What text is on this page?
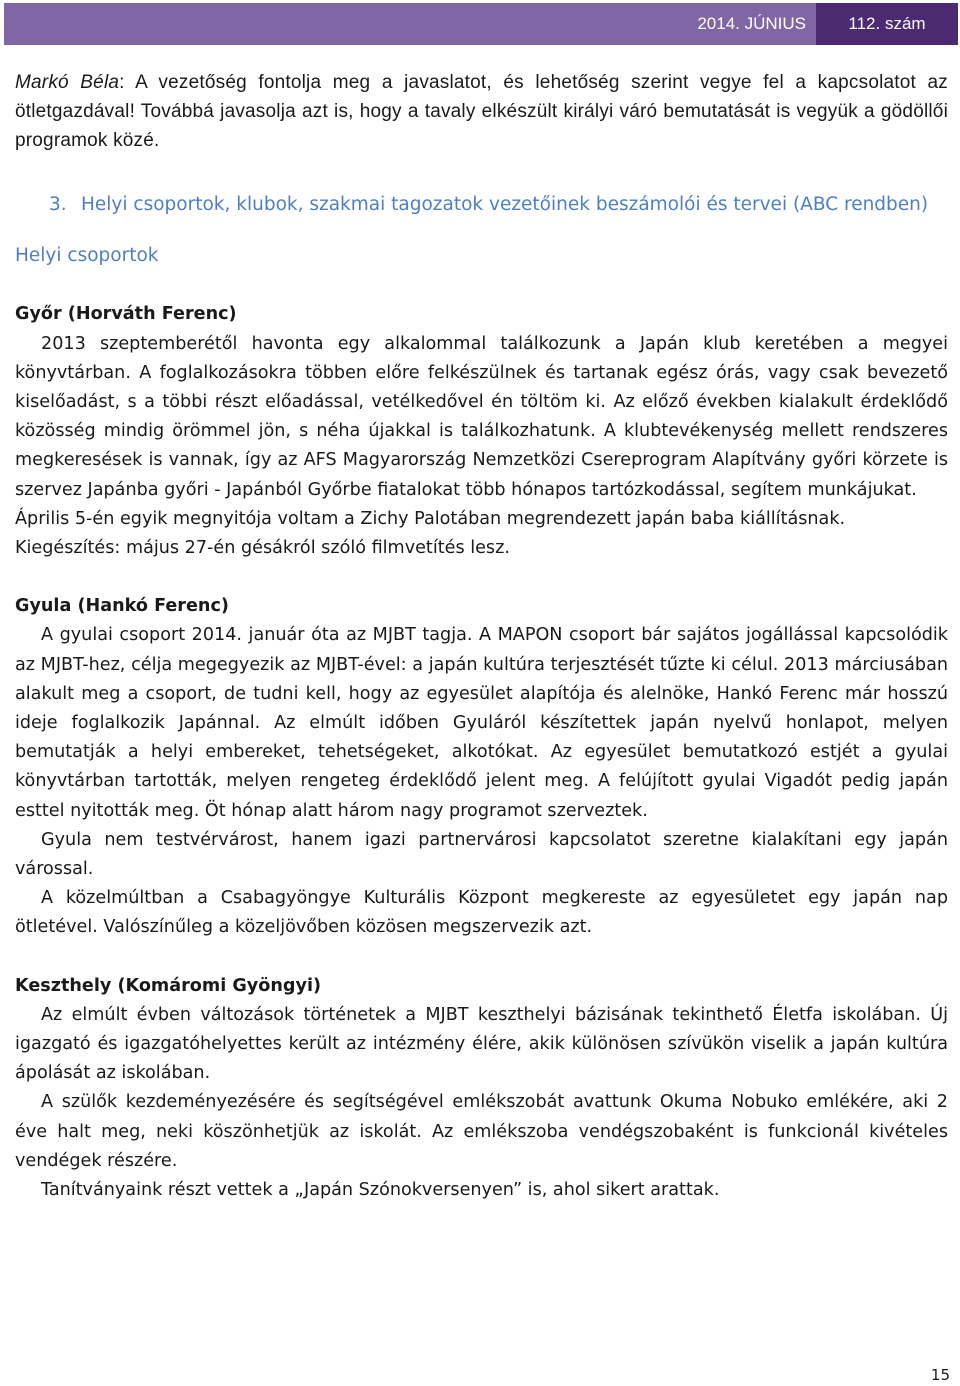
2014. JÚNIUS	112. szám

Markó Béla: A vezetőség fontolja meg a javaslatot, és lehetőség szerint vegye fel a kapcsolatot az ötletgazdával! Továbbá javasolja azt is, hogy a tavaly elkészült királyi váró bemutatását is vegyük a gödöllői programok közé.

3. Helyi csoportok, klubok, szakmai tagozatok vezetőinek beszámolói és tervei (ABC rendben)
Helyi csoportok
Győr (Horváth Ferenc)

2013 szeptemberétől havonta egy alkalommal találkozunk a Japán klub keretében a megyei könyvtárban. A foglalkozásokra többen előre felkészülnek és tartanak egész órás, vagy csak bevezető kiselőadást, s a többi részt előadással, vetélkedővel én töltöm ki. Az előző években kialakult érdeklődő közösség mindig örömmel jön, s néha újakkal is találkozhatunk. A klubtevékenység mellett rendszeres megkeresések is vannak, így az AFS Magyarország Nemzetközi Csereprogram Alapítvány győri körzete is szervez Japánba győri - Japánból Győrbe fiatalokat több hónapos tartózkodással, segítem munkájukat.

Április 5-én egyik megnyitója voltam a Zichy Palotában megrendezett japán baba kiállításnak.

Kiegészítés: május 27-én gésákról szóló filmvetítés lesz.

Gyula (Hankó Ferenc)

A gyulai csoport 2014. január óta az MJBT tagja. A MAPON csoport bár sajátos jogállással kapcsolódik az MJBT-hez, célja megegyezik az MJBT-ével: a japán kultúra terjesztését tűzte ki célul. 2013 márciusában alakult meg a csoport, de tudni kell, hogy az egyesület alapítója és alelnöke, Hankó Ferenc már hosszú ideje foglalkozik Japánnal. Az elmúlt időben Gyuláról készítettek japán nyelvű honlapot, melyen bemutatják a helyi embereket, tehetségeket, alkotókat. Az egyesület bemutatkozó estjét a gyulai könyvtárban tartották, melyen rengeteg érdeklődő jelent meg. A felújított gyulai Vigadót pedig japán esttel nyitották meg. Öt hónap alatt három nagy programot szerveztek.

Gyula nem testvérvárost, hanem igazi partnervárosi kapcsolatot szeretne kialakítani egy japán várossal.

A közelmúltban a Csabagyöngye Kulturális Központ megkereste az egyesületet egy japán nap ötletével. Valószínűleg a közeljövőben közösen megszervezik azt.

Keszthely (Komáromi Gyöngyi)

Az elmúlt évben változások történetek a MJBT keszthelyi bázisának tekinthető Életfa iskolában. Új igazgató és igazgatóhelyettes került az intézmény élére, akik különösen szívükön viselik a japán kultúra ápolását az iskolában.

A szülők kezdeményezésére és segítségével emlékszobát avattunk Okuma Nobuko emlékére, aki 2 éve halt meg, neki köszönhetjük az iskolát. Az emlékszoba vendégszobaként is funkcionál kivételes vendégek részére.

Tanítványaink részt vettek a „Japán Szónokversenyen” is, ahol sikert arattak.

15
